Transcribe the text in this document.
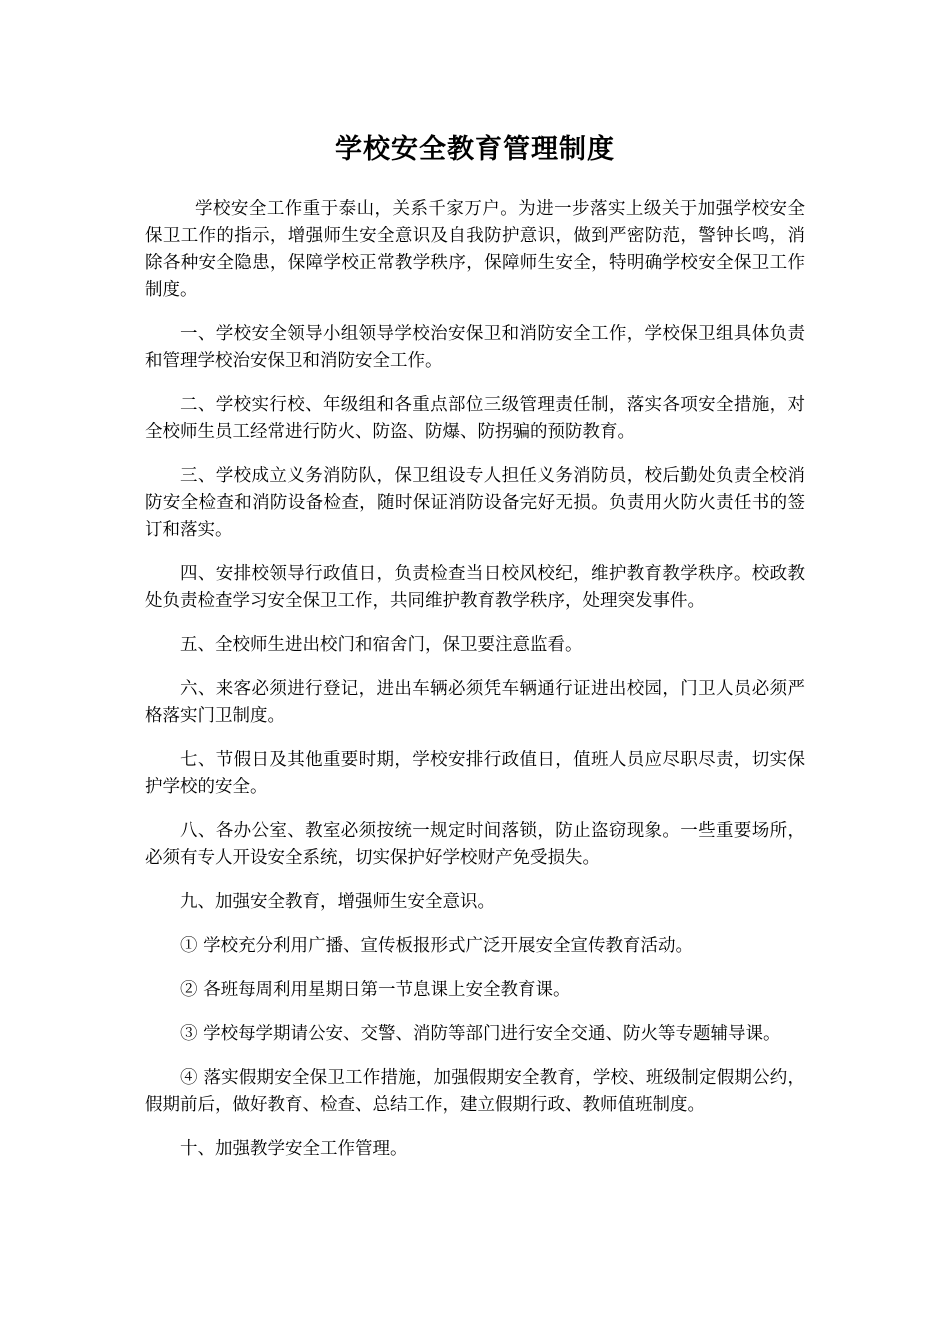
学校安全教育管理制度

学校安全工作重于泰山，关系千家万户。为进一步落实上级关于加强学校安全保卫工作的指示，增强师生安全意识及自我防护意识，做到严密防范，警钟长鸣，消除各种安全隐患，保障学校正常教学秩序，保障师生安全，特明确学校安全保卫工作制度。

一、学校安全领导小组领导学校治安保卫和消防安全工作，学校保卫组具体负责和管理学校治安保卫和消防安全工作。

二、学校实行校、年级组和各重点部位三级管理责任制，落实各项安全措施，对全校师生员工经常进行防火、防盗、防爆、防拐骗的预防教育。

三、学校成立义务消防队，保卫组设专人担任义务消防员，校后勤处负责全校消防安全检查和消防设备检查，随时保证消防设备完好无损。负责用火防火责任书的签订和落实。

四、安排校领导行政值日，负责检查当日校风校纪，维护教育教学秩序。校政教处负责检查学习安全保卫工作，共同维护教育教学秩序，处理突发事件。

五、全校师生进出校门和宿舍门，保卫要注意监看。

六、来客必须进行登记，进出车辆必须凭车辆通行证进出校园，门卫人员必须严格落实门卫制度。

七、节假日及其他重要时期，学校安排行政值日，值班人员应尽职尽责，切实保护学校的安全。

八、各办公室、教室必须按统一规定时间落锁，防止盗窃现象。一些重要场所，必须有专人开设安全系统，切实保护好学校财产免受损失。

九、加强安全教育，增强师生安全意识。

① 学校充分利用广播、宣传板报形式广泛开展安全宣传教育活动。

② 各班每周利用星期日第一节息课上安全教育课。

③ 学校每学期请公安、交警、消防等部门进行安全交通、防火等专题辅导课。

④ 落实假期安全保卫工作措施，加强假期安全教育，学校、班级制定假期公约，假期前后，做好教育、检查、总结工作，建立假期行政、教师值班制度。

十、加强教学安全工作管理。
